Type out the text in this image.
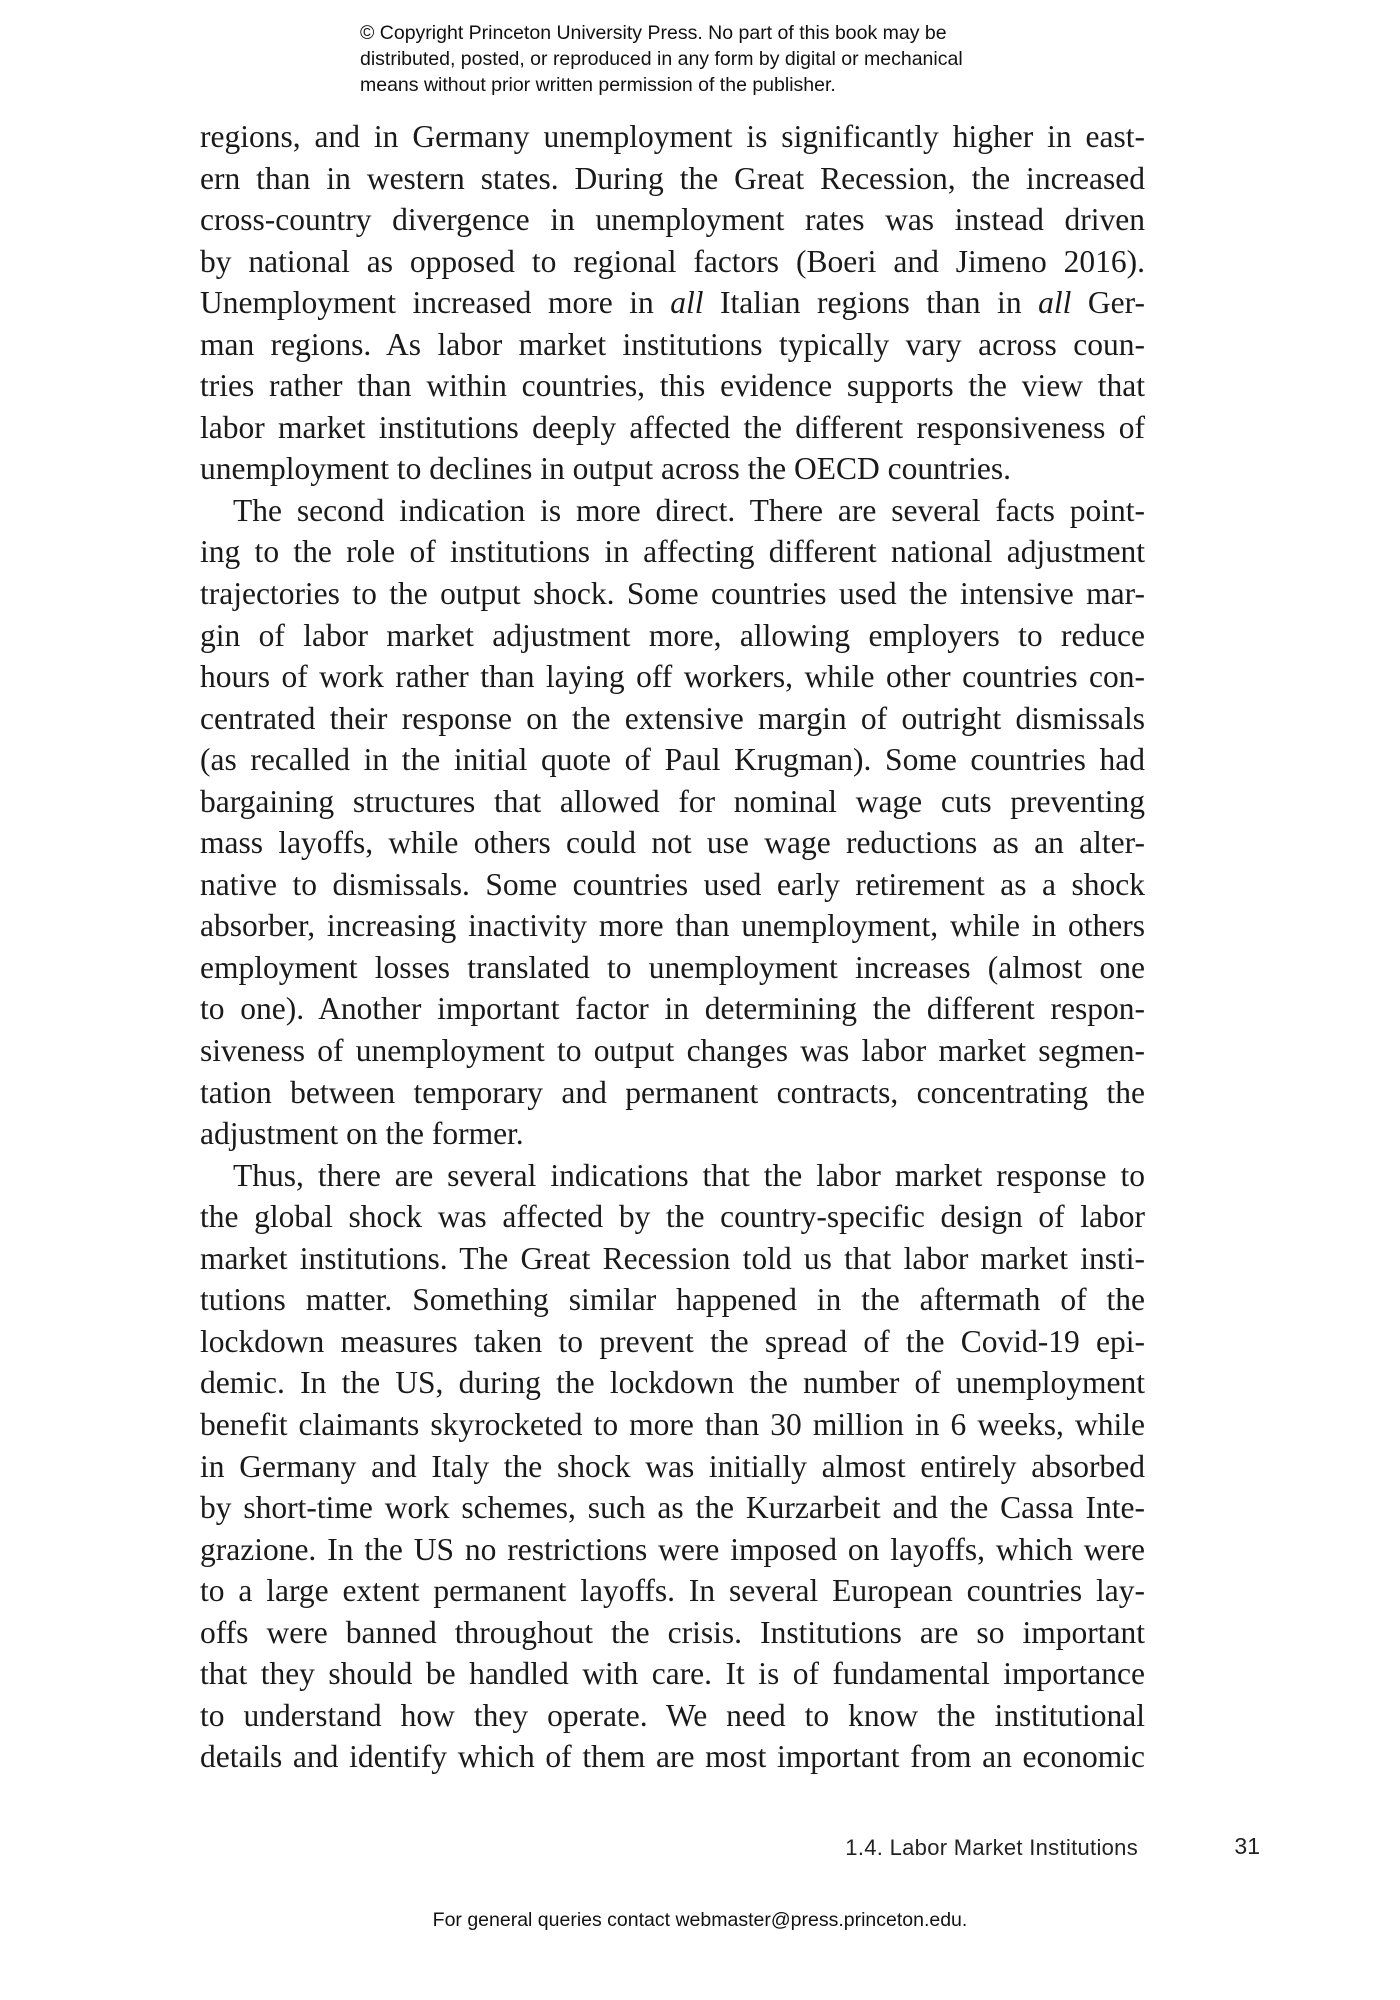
© Copyright Princeton University Press. No part of this book may be
distributed, posted, or reproduced in any form by digital or mechanical
means without prior written permission of the publisher.
regions, and in Germany unemployment is significantly higher in east-
ern than in western states. During the Great Recession, the increased
cross-country divergence in unemployment rates was instead driven
by national as opposed to regional factors (Boeri and Jimeno 2016).
Unemployment increased more in all Italian regions than in all Ger-
man regions. As labor market institutions typically vary across coun-
tries rather than within countries, this evidence supports the view that
labor market institutions deeply affected the different responsiveness of
unemployment to declines in output across the OECD countries.
The second indication is more direct. There are several facts point-
ing to the role of institutions in affecting different national adjustment
trajectories to the output shock. Some countries used the intensive mar-
gin of labor market adjustment more, allowing employers to reduce
hours of work rather than laying off workers, while other countries con-
centrated their response on the extensive margin of outright dismissals
(as recalled in the initial quote of Paul Krugman). Some countries had
bargaining structures that allowed for nominal wage cuts preventing
mass layoffs, while others could not use wage reductions as an alter-
native to dismissals. Some countries used early retirement as a shock
absorber, increasing inactivity more than unemployment, while in others
employment losses translated to unemployment increases (almost one
to one). Another important factor in determining the different respon-
siveness of unemployment to output changes was labor market segmen-
tation between temporary and permanent contracts, concentrating the
adjustment on the former.
Thus, there are several indications that the labor market response to
the global shock was affected by the country-specific design of labor
market institutions. The Great Recession told us that labor market insti-
tutions matter. Something similar happened in the aftermath of the
lockdown measures taken to prevent the spread of the Covid-19 epi-
demic. In the US, during the lockdown the number of unemployment
benefit claimants skyrocketed to more than 30 million in 6 weeks, while
in Germany and Italy the shock was initially almost entirely absorbed
by short-time work schemes, such as the Kurzarbeit and the Cassa Inte-
grazione. In the US no restrictions were imposed on layoffs, which were
to a large extent permanent layoffs. In several European countries lay-
offs were banned throughout the crisis. Institutions are so important
that they should be handled with care. It is of fundamental importance
to understand how they operate. We need to know the institutional
details and identify which of them are most important from an economic
1.4. Labor Market Institutions	31
For general queries contact webmaster@press.princeton.edu.
